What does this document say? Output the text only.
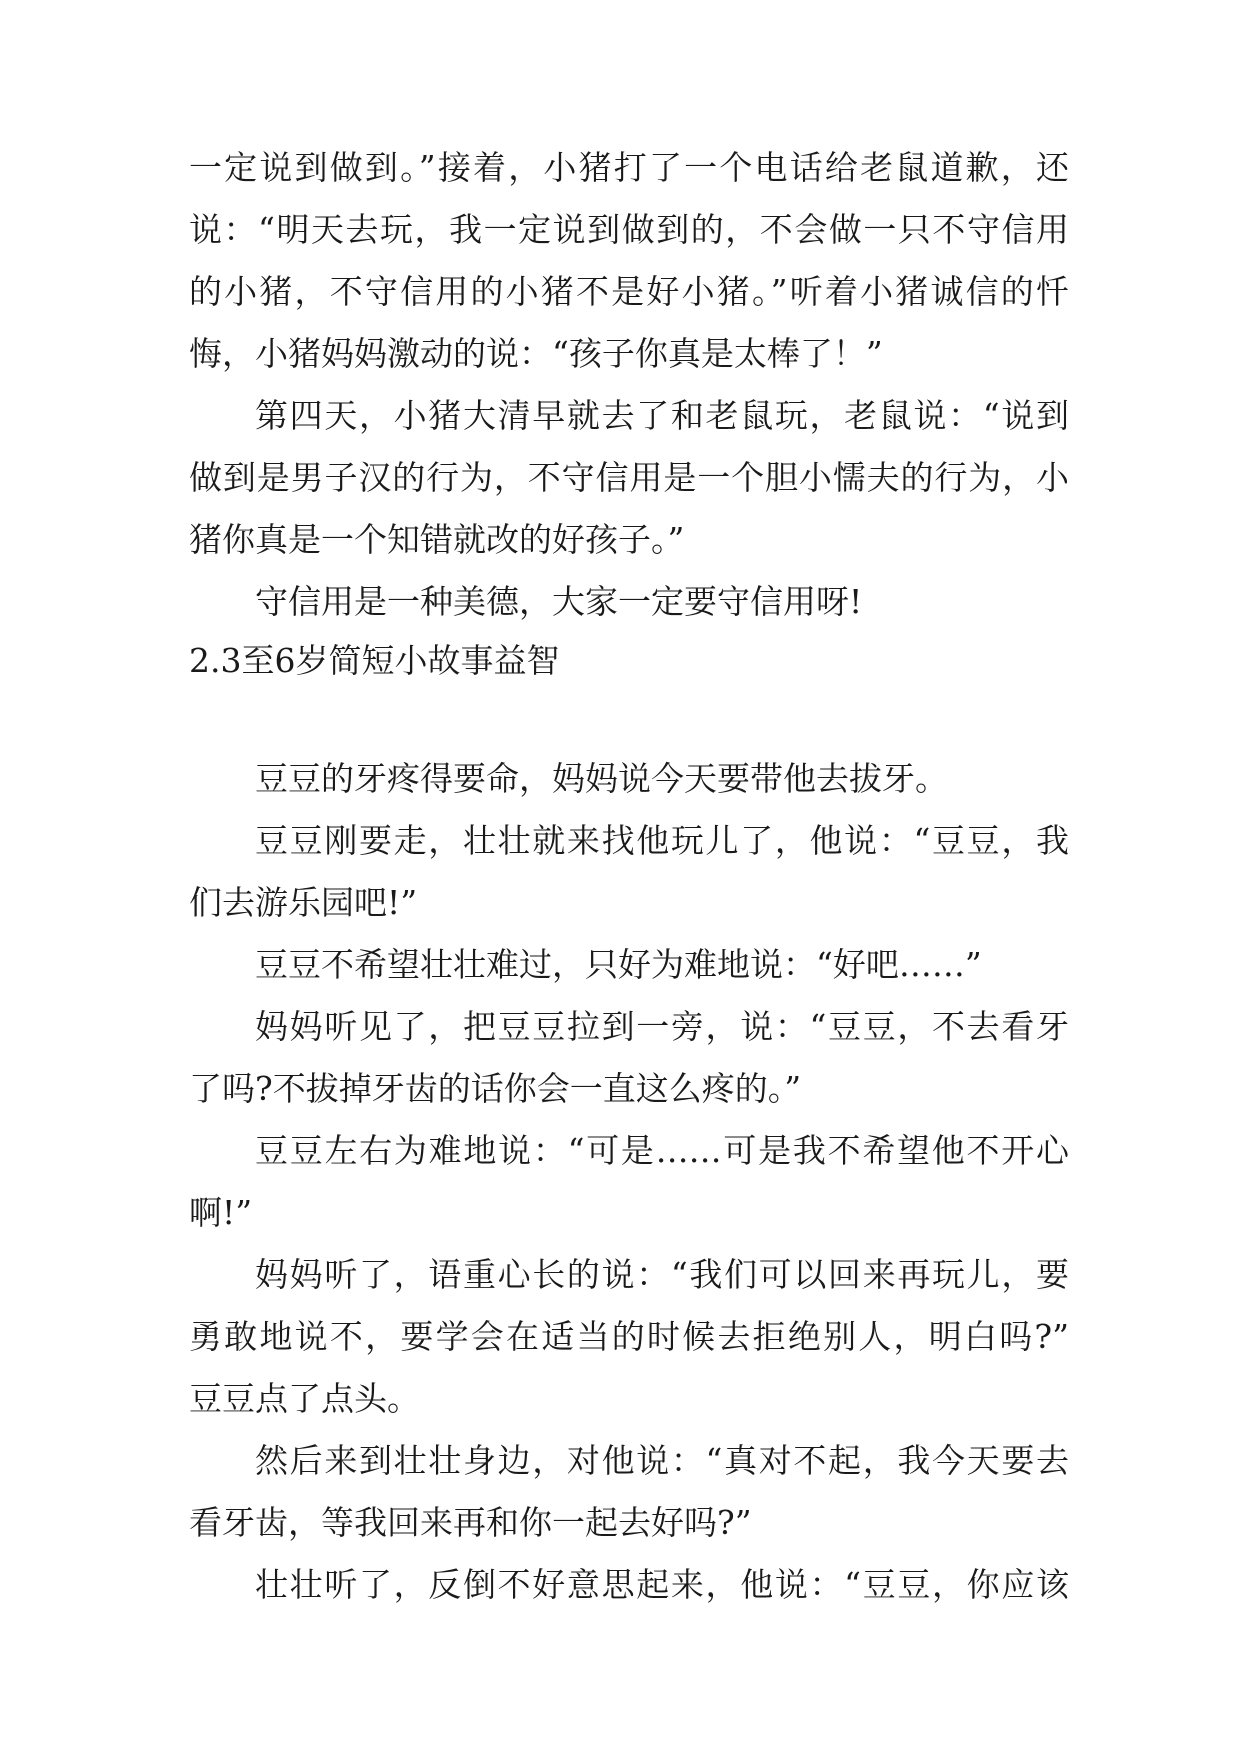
一定说到做到。”接着，小猪打了一个电话给老鼠道歉，还
说：“明天去玩，我一定说到做到的，不会做一只不守信用
的小猪，不守信用的小猪不是好小猪。”听着小猪诚信的忏
悔，小猪妈妈激动的说：“孩子你真是太棒了！”
第四天，小猪大清早就去了和老鼠玩，老鼠说：“说到
做到是男子汉的行为，不守信用是一个胆小懦夫的行为，小
猪你真是一个知错就改的好孩子。”
守信用是一种美德，大家一定要守信用呀!
2.3至6岁简短小故事益智
豆豆的牙疼得要命，妈妈说今天要带他去拔牙。
豆豆刚要走，壮壮就来找他玩儿了，他说：“豆豆，我
们去游乐园吧!”
豆豆不希望壮壮难过，只好为难地说：“好吧……”
妈妈听见了，把豆豆拉到一旁，说：“豆豆，不去看牙
了吗?不拔掉牙齿的话你会一直这么疼的。”
豆豆左右为难地说：“可是……可是我不希望他不开心
啊!”
妈妈听了，语重心长的说：“我们可以回来再玩儿，要
勇敢地说不，要学会在适当的时候去拒绝别人，明白吗?”
豆豆点了点头。
然后来到壮壮身边，对他说：“真对不起，我今天要去
看牙齿，等我回来再和你一起去好吗?”
壮壮听了，反倒不好意思起来，他说：“豆豆，你应该
